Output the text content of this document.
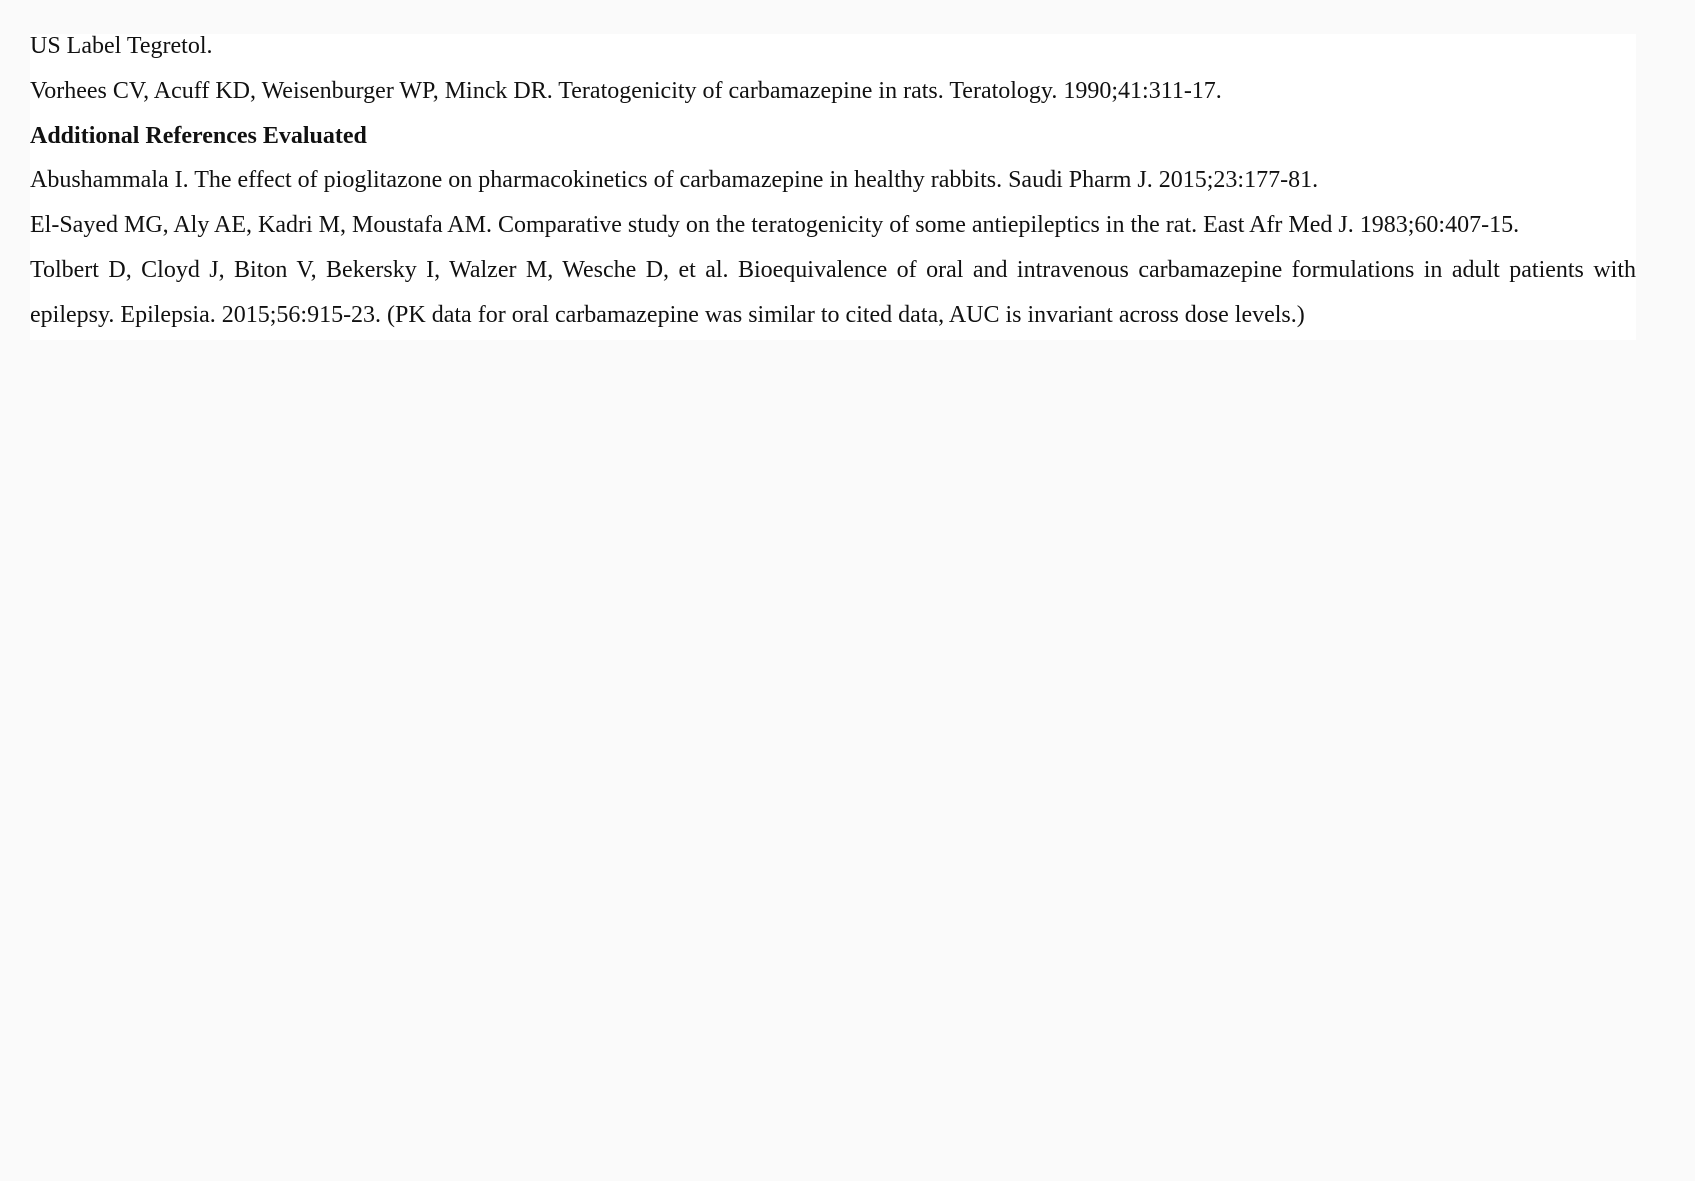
US Label Tegretol.

Vorhees CV, Acuff KD, Weisenburger WP, Minck DR. Teratogenicity of carbamazepine in rats. Teratology. 1990;41:311-17.

Additional References Evaluated

Abushammala I. The effect of pioglitazone on pharmacokinetics of carbamazepine in healthy rabbits. Saudi Pharm J. 2015;23:177-81.

El-Sayed MG, Aly AE, Kadri M, Moustafa AM. Comparative study on the teratogenicity of some antiepileptics in the rat. East Afr Med J. 1983;60:407-15.

Tolbert D, Cloyd J, Biton V, Bekersky I, Walzer M, Wesche D, et al. Bioequivalence of oral and intravenous carbamazepine formulations in adult patients with epilepsy. Epilepsia. 2015;56:915-23. (PK data for oral carbamazepine was similar to cited data, AUC is invariant across dose levels.)
